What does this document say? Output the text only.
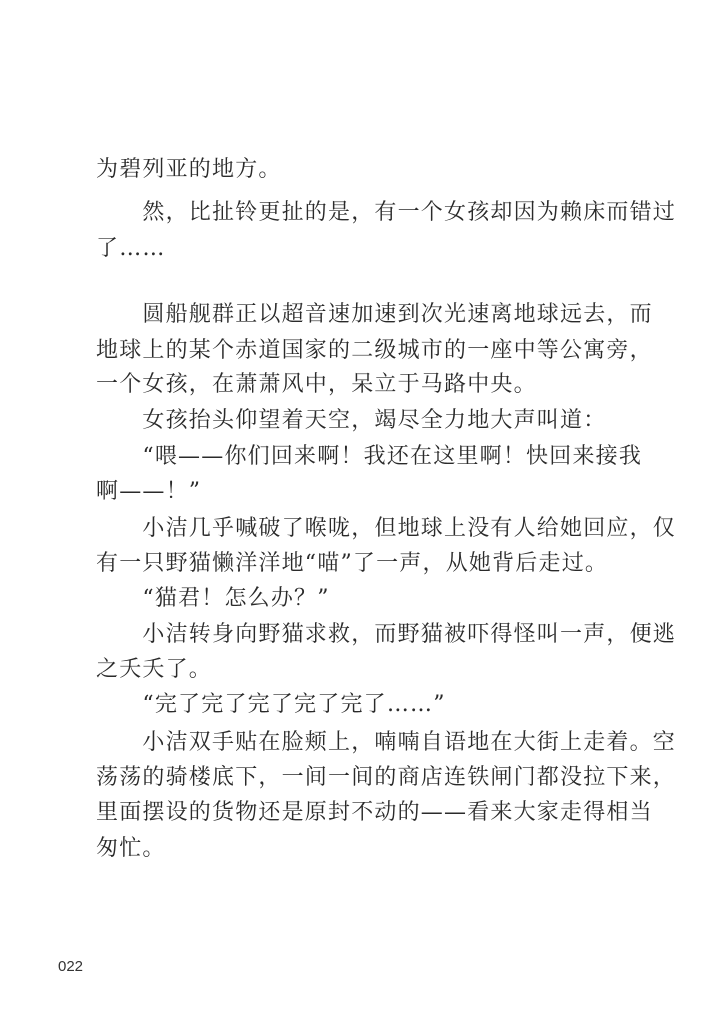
为碧列亚的地方。
　　然，比扯铃更扯的是，有一个女孩却因为赖床而错过
了……
　　圆船舰群正以超音速加速到次光速离地球远去，而
地球上的某个赤道国家的二级城市的一座中等公寓旁，
一个女孩，在萧萧风中，呆立于马路中央。
　　女孩抬头仰望着天空，竭尽全力地大声叫道：
　　“喂——你们回来啊！我还在这里啊！快回来接我
啊——！”
　　小洁几乎喊破了喉咙，但地球上没有人给她回应，仅
有一只野猫懒洋洋地“喵”了一声，从她背后走过。
　　“猫君！怎么办？”
　　小洁转身向野猫求救，而野猫被吓得怪叫一声，便逃
之夭夭了。
　　“完了完了完了完了完了……”
　　小洁双手贴在脸颊上，喃喃自语地在大街上走着。空
荡荡的骑楼底下，一间一间的商店连铁闸门都没拉下来，
里面摆设的货物还是原封不动的——看来大家走得相当
匆忙。
022
